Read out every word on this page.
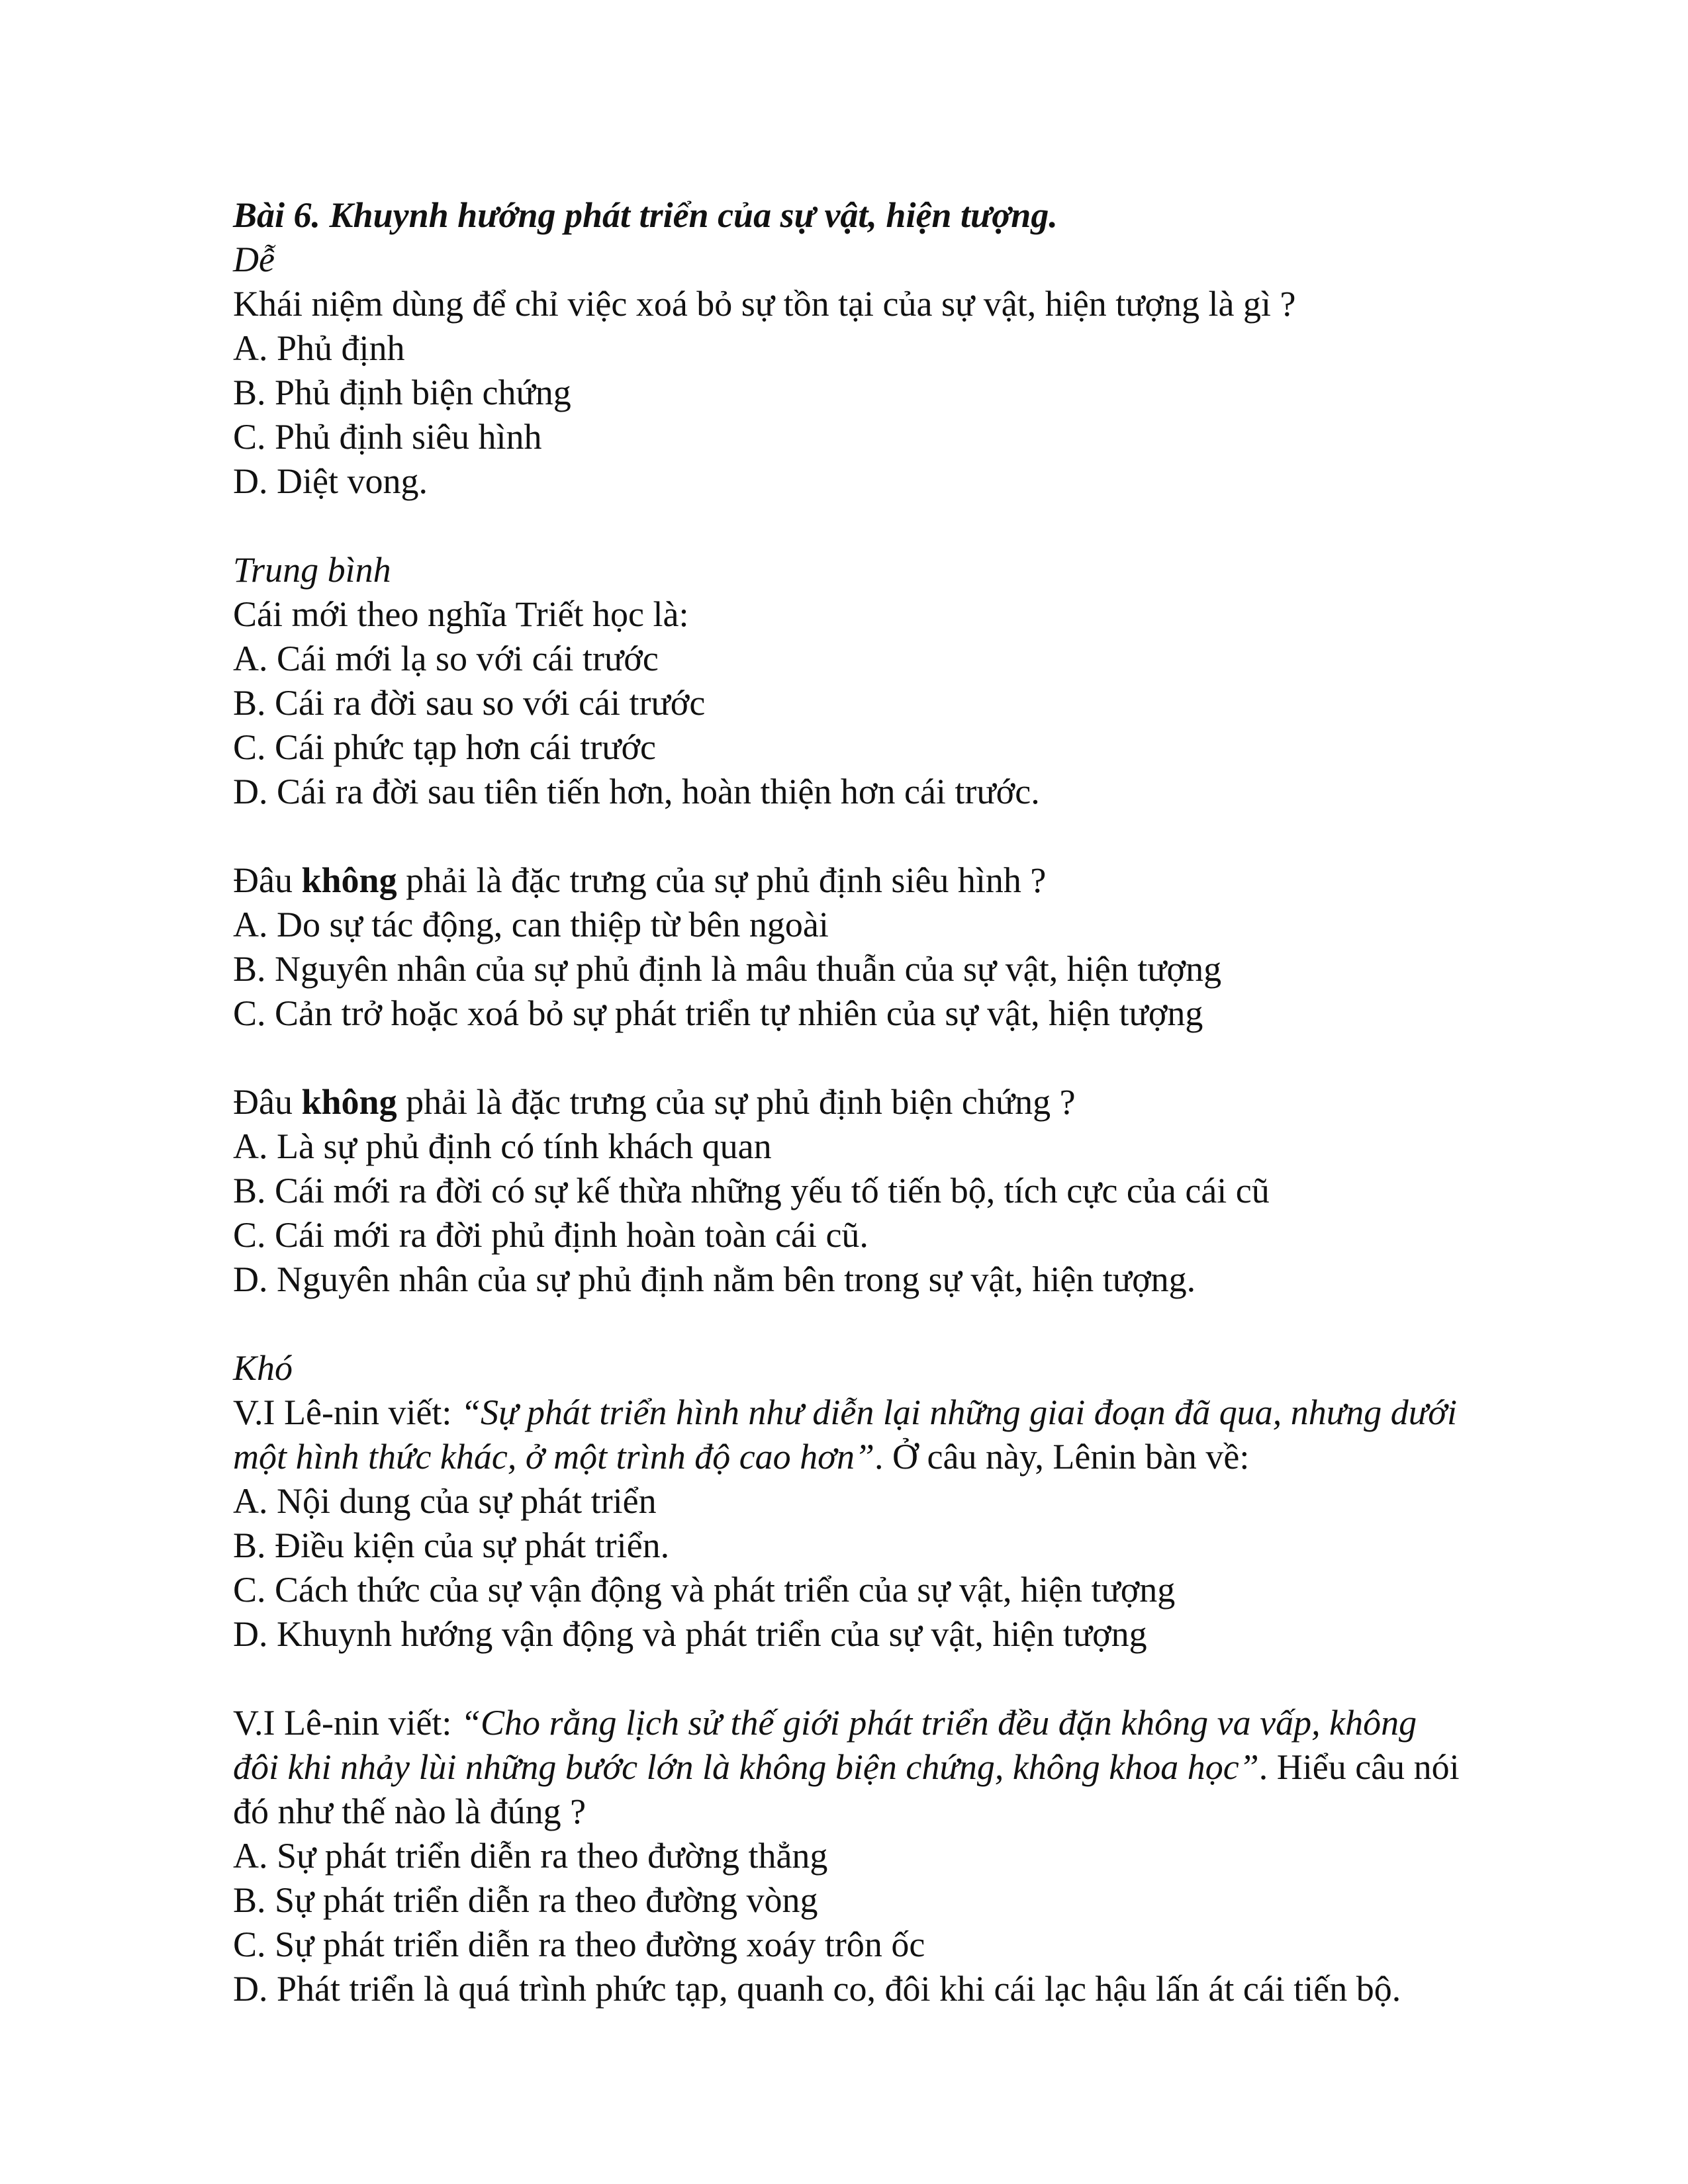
Bài 6. Khuynh hướng phát triển của sự vật, hiện tượng.

Dễ

Khái niệm dùng để chỉ việc xoá bỏ sự tồn tại của sự vật, hiện tượng là gì ?

A. Phủ định

B. Phủ định biện chứng

C. Phủ định siêu hình

D. Diệt vong.

Trung bình

Cái mới theo nghĩa Triết học là:

A. Cái mới lạ so với cái trước

B. Cái ra đời sau so với cái trước

C. Cái phức tạp hơn cái trước

D. Cái ra đời sau tiên tiến hơn, hoàn thiện hơn cái trước.

Đâu không phải là đặc trưng của sự phủ định siêu hình ?

A. Do sự tác động, can thiệp từ bên ngoài

B. Nguyên nhân của sự phủ định là mâu thuẫn của sự vật, hiện tượng

C. Cản trở hoặc xoá bỏ sự phát triển tự nhiên của sự vật, hiện tượng

Đâu không phải là đặc trưng của sự phủ định biện chứng ?

A. Là sự phủ định có tính khách quan

B. Cái mới ra đời có sự kế thừa những yếu tố tiến bộ, tích cực của cái cũ

C. Cái mới ra đời phủ định hoàn toàn cái cũ.

D. Nguyên nhân của sự phủ định nằm bên trong sự vật, hiện tượng.

Khó

V.I Lê-nin viết: “Sự phát triển hình như diễn lại những giai đoạn đã qua, nhưng dưới

một hình thức khác, ở một trình độ cao hơn”. Ở câu này, Lênin bàn về:

A. Nội dung của sự phát triển

B. Điều kiện của sự phát triển.

C. Cách thức của sự vận động và phát triển của sự vật, hiện tượng

D. Khuynh hướng vận động và phát triển của sự vật, hiện tượng

V.I Lê-nin viết: “Cho rằng lịch sử thế giới phát triển đều đặn không va vấp, không

đôi khi nhảy lùi những bước lớn là không biện chứng, không khoa học”. Hiểu câu nói

đó như thế nào là đúng ?

A. Sự phát triển diễn ra theo đường thẳng

B. Sự phát triển diễn ra theo đường vòng

C. Sự phát triển diễn ra theo đường xoáy trôn ốc

D. Phát triển là quá trình phức tạp, quanh co, đôi khi cái lạc hậu lấn át cái tiến bộ.
